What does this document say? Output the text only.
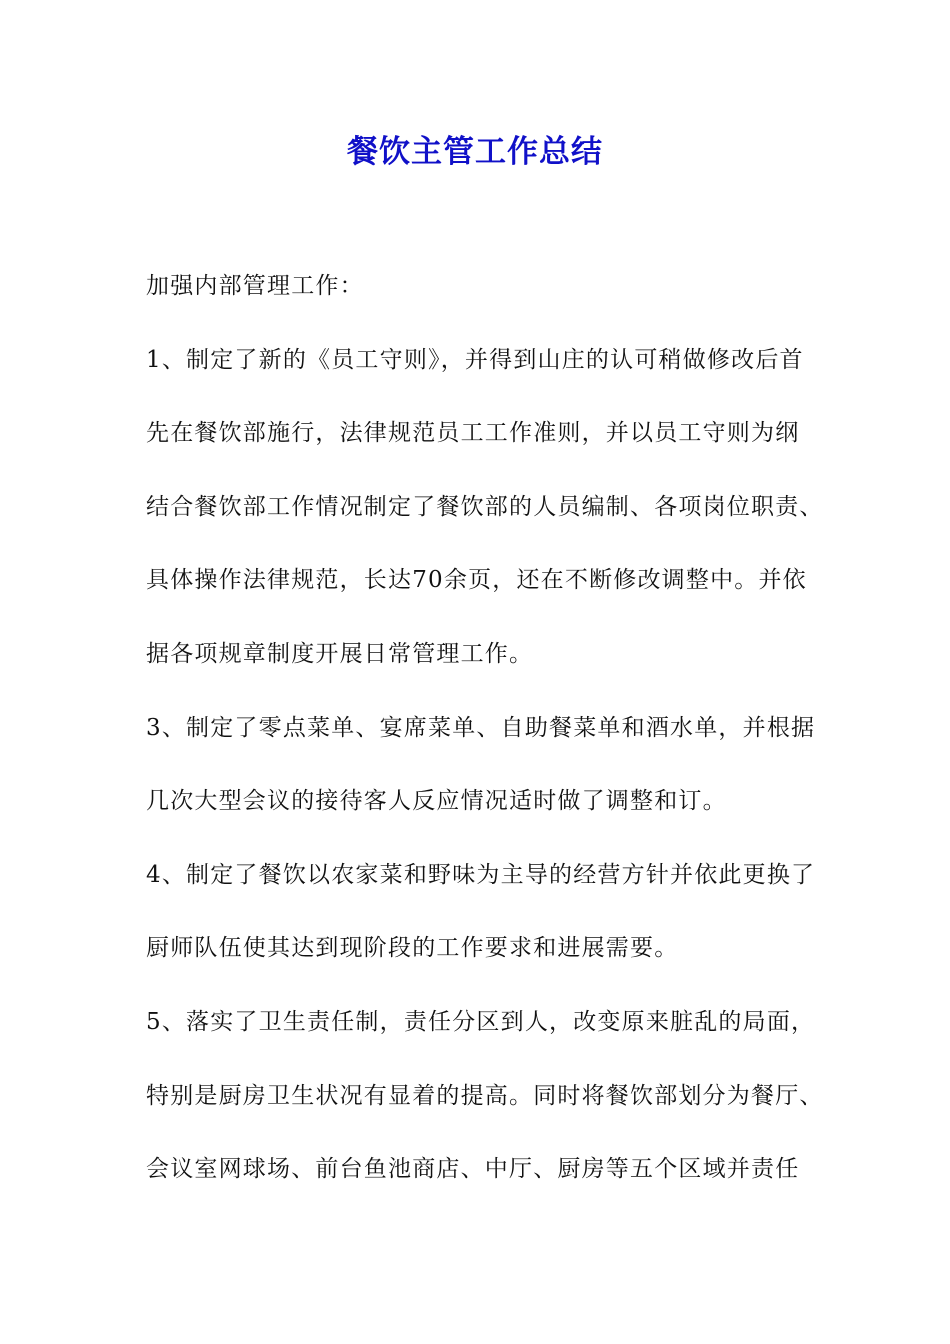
餐饮主管工作总结
加强内部管理工作：
1、制定了新的《员工守则》，并得到山庄的认可稍做修改后首
先在餐饮部施行，法律规范员工工作准则，并以员工守则为纲
结合餐饮部工作情况制定了餐饮部的人员编制、各项岗位职责、
具体操作法律规范，长达70余页，还在不断修改调整中。并依
据各项规章制度开展日常管理工作。
3、制定了零点菜单、宴席菜单、自助餐菜单和酒水单，并根据
几次大型会议的接待客人反应情况适时做了调整和订。
4、制定了餐饮以农家菜和野味为主导的经营方针并依此更换了
厨师队伍使其达到现阶段的工作要求和进展需要。
5、落实了卫生责任制，责任分区到人，改变原来脏乱的局面，
特别是厨房卫生状况有显着的提高。同时将餐饮部划分为餐厅、
会议室网球场、前台鱼池商店、中厅、厨房等五个区域并责任
